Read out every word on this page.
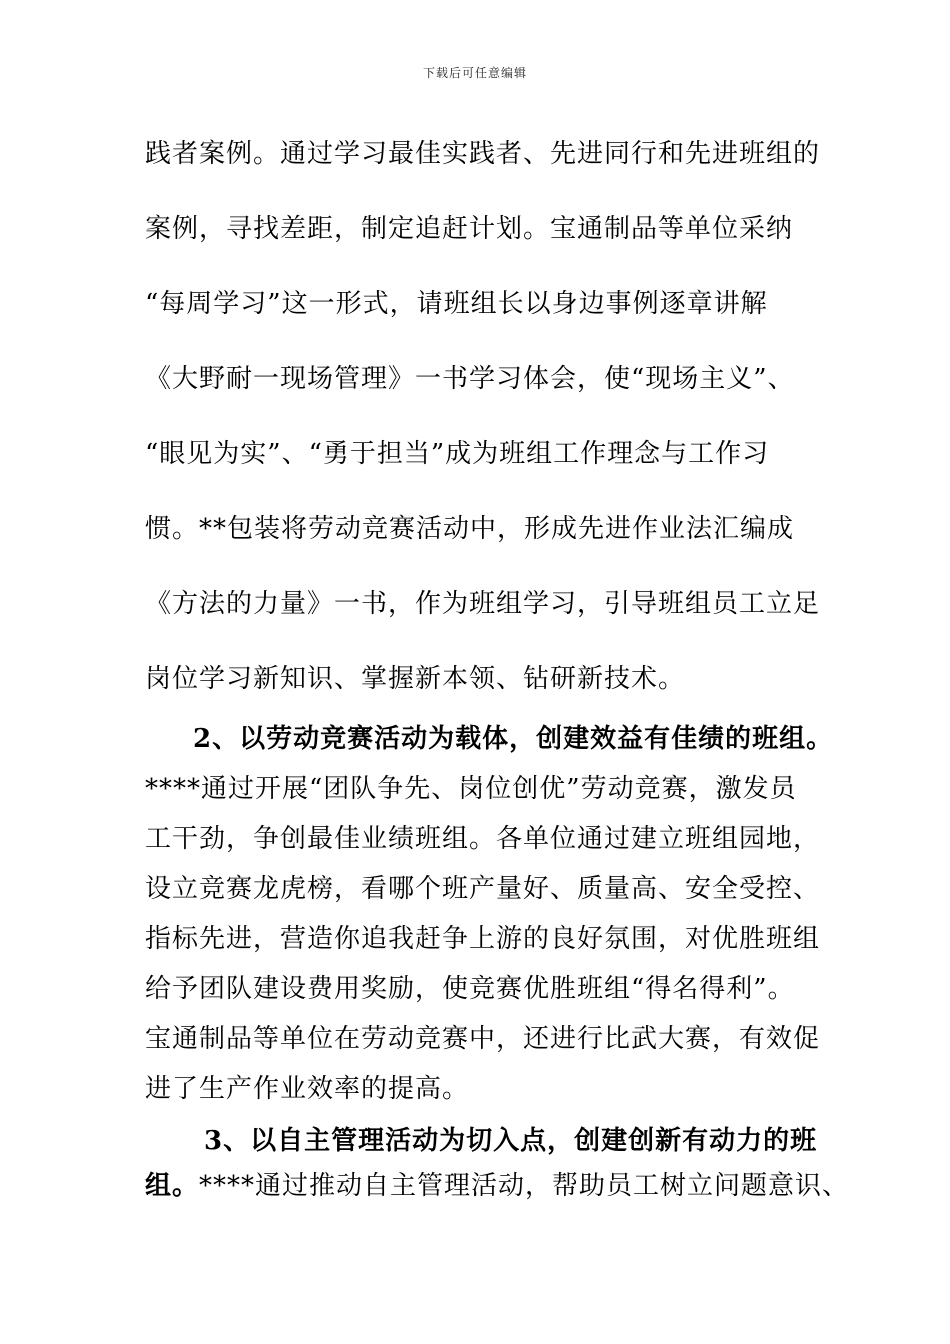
下载后可任意编辑
践者案例。通过学习最佳实践者、先进同行和先进班组的
案例，寻找差距，制定追赶计划。宝通制品等单位采纳
“每周学习”这一形式，请班组长以身边事例逐章讲解
《大野耐一现场管理》一书学习体会，使“现场主义”、
“眼见为实”、“勇于担当”成为班组工作理念与工作习
惯。**包装将劳动竞赛活动中，形成先进作业法汇编成
《方法的力量》一书，作为班组学习，引导班组员工立足
岗位学习新知识、掌握新本领、钻研新技术。
2、以劳动竞赛活动为载体，创建效益有佳绩的班组。
****通过开展“团队争先、岗位创优”劳动竞赛，激发员
工干劲，争创最佳业绩班组。各单位通过建立班组园地，
设立竞赛龙虎榜，看哪个班产量好、质量高、安全受控、
指标先进，营造你追我赶争上游的良好氛围，对优胜班组
给予团队建设费用奖励，使竞赛优胜班组“得名得利”。
宝通制品等单位在劳动竞赛中，还进行比武大赛，有效促
进了生产作业效率的提高。
3、以自主管理活动为切入点，创建创新有动力的班
组。****通过推动自主管理活动，帮助员工树立问题意识、
